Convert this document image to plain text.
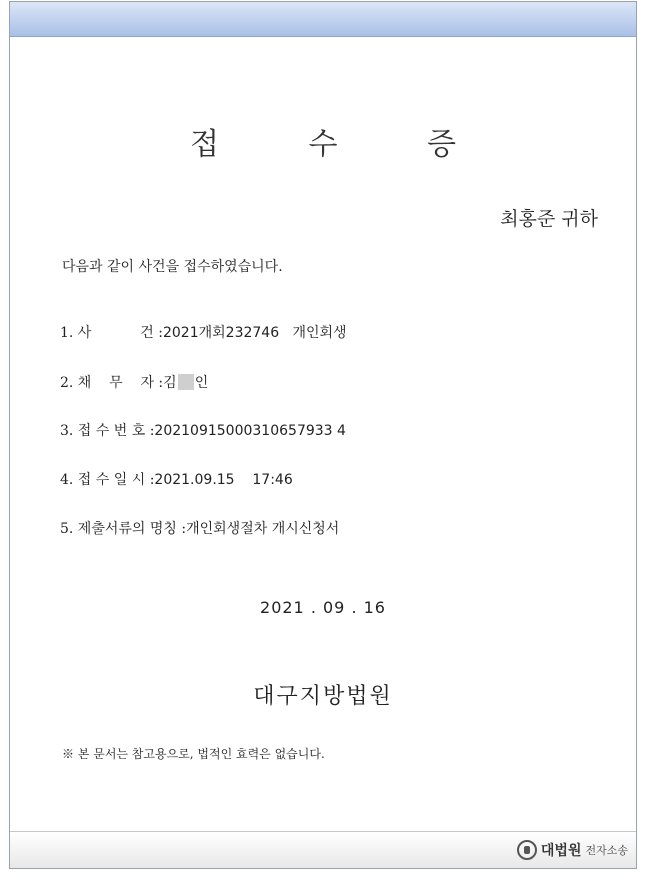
접 수 증
최홍준 귀하
다음과 같이 사건을 접수하였습니다.
1. 사           건 :2021개회232746   개인회생
2. 채    무    자 :김 인
3. 접 수 번 호 :20210915000310657933 4
4. 접 수 일 시 :2021.09.15    17:46
5. 제출서류의 명칭 :개인회생절차 개시신청서
2021 . 09 . 16
대구지방법원
※ 본 문서는 참고용으로, 법적인 효력은 없습니다.
대법원 전자소송
